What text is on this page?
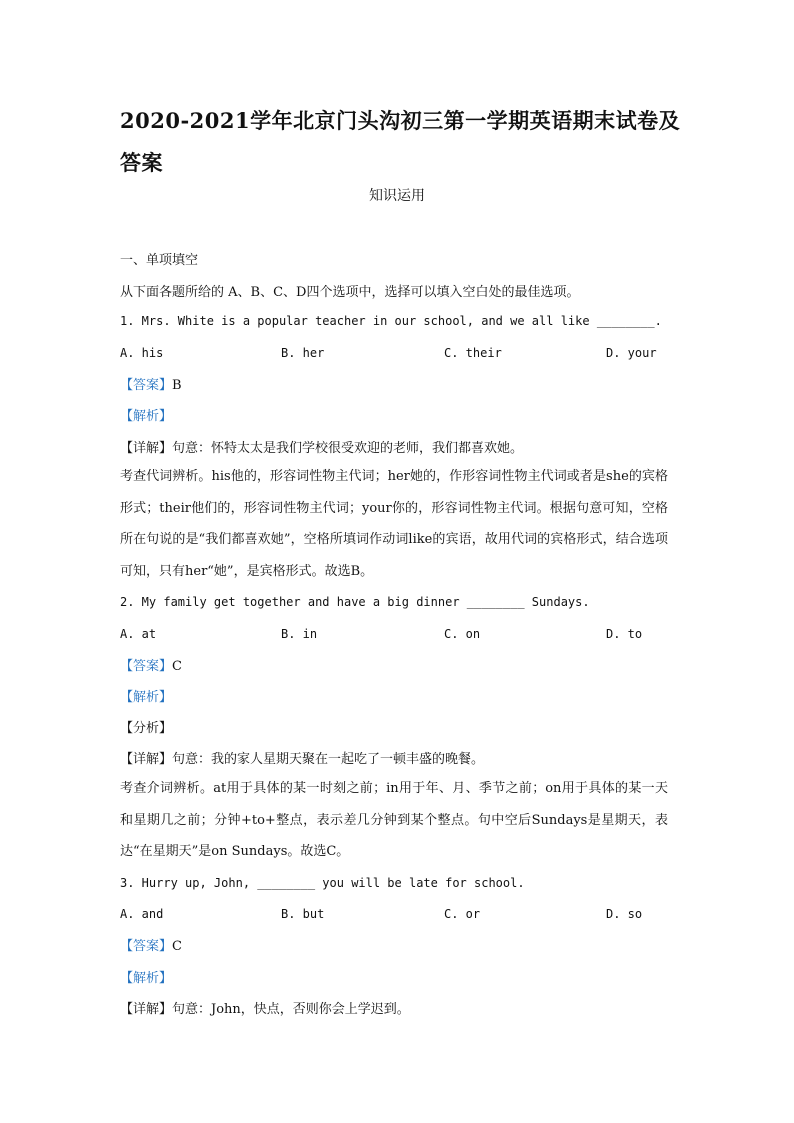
2020-2021学年北京门头沟初三第一学期英语期末试卷及答案
知识运用
一、单项填空
从下面各题所给的 A、B、C、D四个选项中，选择可以填入空白处的最佳选项。
1. Mrs. White is a popular teacher in our school, and we all like ________.
A. his	B. her	C. their	D. your
【答案】B
【解析】
【详解】句意：怀特太太是我们学校很受欢迎的老师，我们都喜欢她。
考查代词辨析。his他的，形容词性物主代词；her她的，作形容词性物主代词或者是she的宾格形式；their他们的，形容词性物主代词；your你的，形容词性物主代词。根据句意可知，空格所在句说的是“我们都喜欢她”，空格所填词作动词like的宾语，故用代词的宾格形式，结合选项可知，只有her“她”，是宾格形式。故选B。
2. My family get together and have a big dinner ________ Sundays.
A. at	B. in	C. on	D. to
【答案】C
【解析】
【分析】
【详解】句意：我的家人星期天聚在一起吃了一顿丰盛的晚餐。
考查介词辨析。at用于具体的某一时刻之前；in用于年、月、季节之前；on用于具体的某一天和星期几之前；分钟+to+整点，表示差几分钟到某个整点。句中空后Sundays是星期天，表达“在星期天”是on Sundays。故选C。
3. Hurry up, John, ________ you will be late for school.
A. and	B. but	C. or	D. so
【答案】C
【解析】
【详解】句意：John，快点，否则你会上学迟到。
